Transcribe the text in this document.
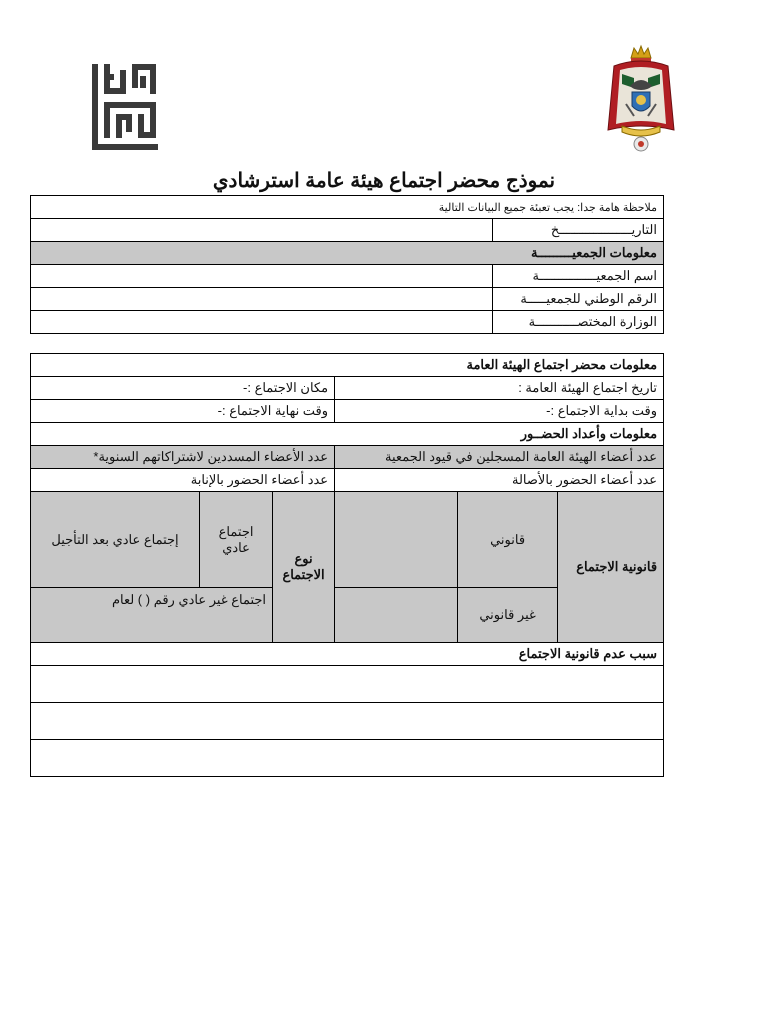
نموذج محضر اجتماع هيئة عامة استرشادي
ملاحظة هامة جدا: يجب تعبئة جميع البيانات التالية	
التاريـــــــــــــــــــخ	
معلومات الجمعيـــــــــة	
اسم الجمعيـــــــــــــــة	
الرقم الوطني للجمعيـــــة	
الوزارة المختصـــــــــــة	
معلومات محضر اجتماع الهيئة العامة					
تاريخ اجتماع الهيئة العامة :			مكان الاجتماع :-		
وقت بداية الاجتماع :-			وقت نهاية الاجتماع :-		
معلومات وأعداد الحضــور					
عدد أعضاء الهيئة العامة المسجلين في قيود الجمعية			عدد الأعضاء المسددين لاشتراكاتهم السنوية*		
عدد أعضاء الحضور بالأصالة			عدد أعضاء الحضور بالإنابة		
قانونية الاجتماع	قانوني		نوع الاجتماع	اجتماع عادي	إجتماع عادي بعد التأجيل
	غير قانوني			اجتماع غير عادي رقم ( ) لعام	
سبب عدم قانونية الاجتماع					
